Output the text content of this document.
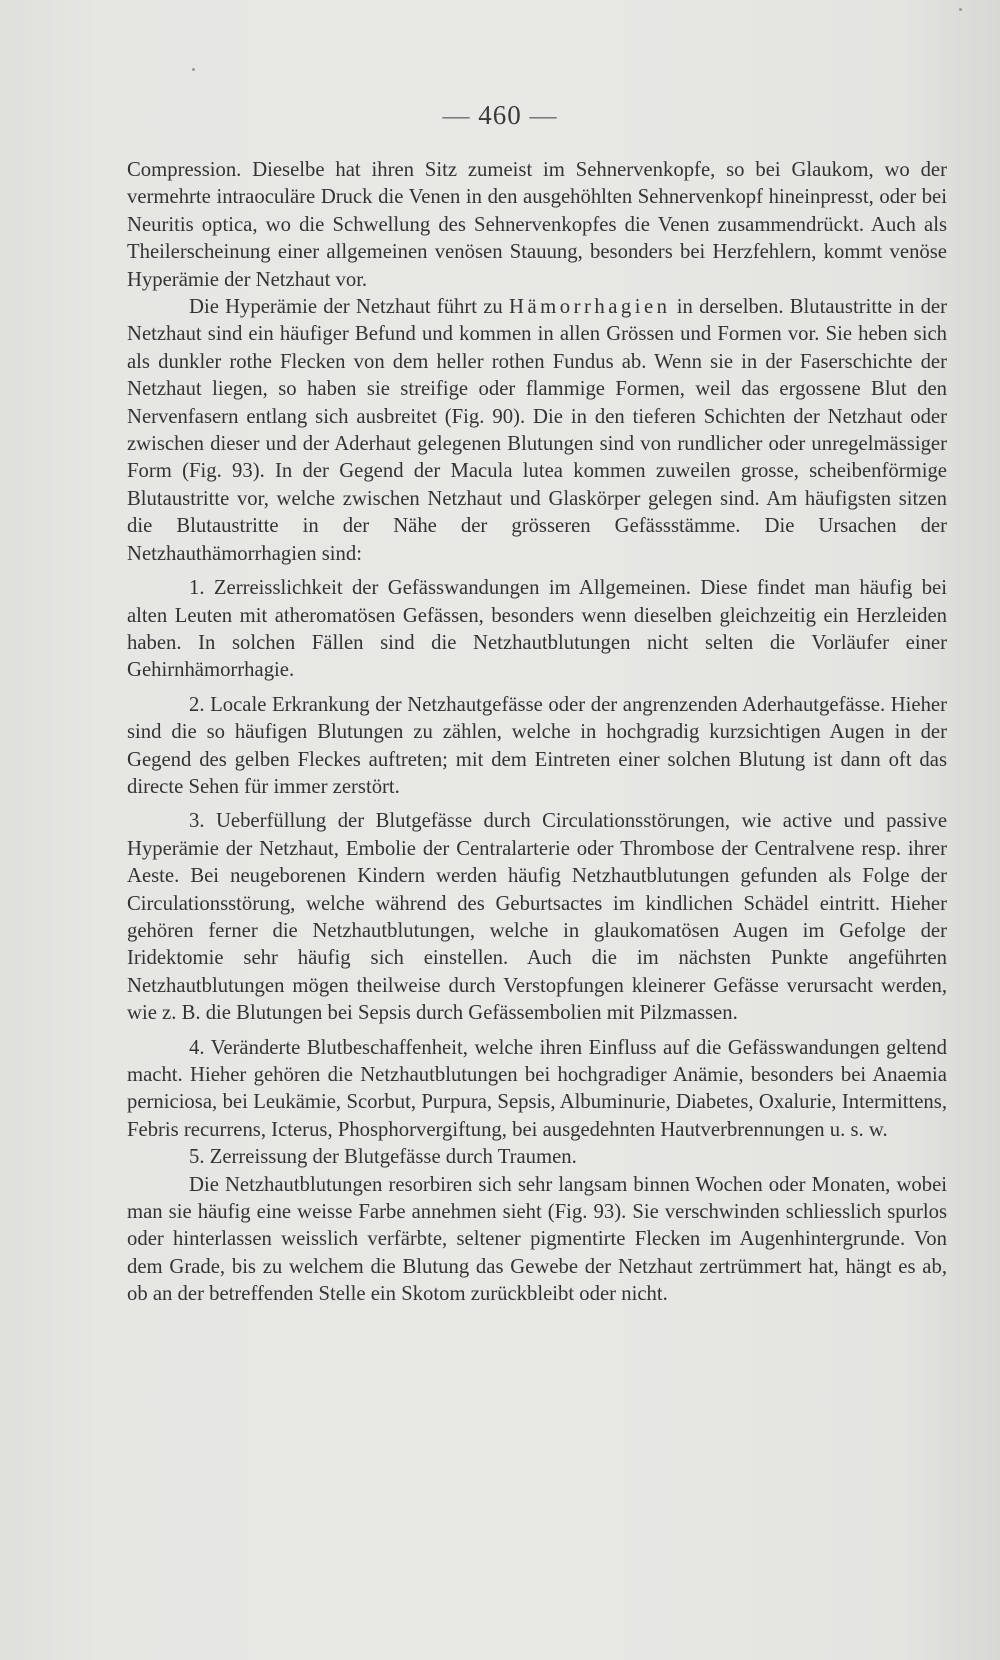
— 460 —

Compression. Dieselbe hat ihren Sitz zumeist im Sehnervenkopfe, so bei Glaukom, wo der vermehrte intraoculäre Druck die Venen in den ausgehöhlten Sehnervenkopf hineinpresst, oder bei Neuritis optica, wo die Schwellung des Sehnervenkopfes die Venen zusammendrückt. Auch als Theilerscheinung einer allgemeinen venösen Stauung, besonders bei Herzfehlern, kommt venöse Hyperämie der Netzhaut vor.

Die Hyperämie der Netzhaut führt zu Hämorrhagien in derselben. Blutaustritte in der Netzhaut sind ein häufiger Befund und kommen in allen Grössen und Formen vor. Sie heben sich als dunkler rothe Flecken von dem heller rothen Fundus ab. Wenn sie in der Faserschichte der Netzhaut liegen, so haben sie streifige oder flammige Formen, weil das ergossene Blut den Nervenfasern entlang sich ausbreitet (Fig. 90). Die in den tieferen Schichten der Netzhaut oder zwischen dieser und der Aderhaut gelegenen Blutungen sind von rundlicher oder unregelmässiger Form (Fig. 93). In der Gegend der Macula lutea kommen zuweilen grosse, scheibenförmige Blutaustritte vor, welche zwischen Netzhaut und Glaskörper gelegen sind. Am häufigsten sitzen die Blutaustritte in der Nähe der grösseren Gefässstämme. Die Ursachen der Netzhauthämorrhagien sind:

1. Zerreisslichkeit der Gefässwandungen im Allgemeinen. Diese findet man häufig bei alten Leuten mit atheromatösen Gefässen, besonders wenn dieselben gleichzeitig ein Herzleiden haben. In solchen Fällen sind die Netzhautblutungen nicht selten die Vorläufer einer Gehirnhämorrhagie.

2. Locale Erkrankung der Netzhautgefässe oder der angrenzenden Aderhautgefässe. Hieher sind die so häufigen Blutungen zu zählen, welche in hochgradig kurzsichtigen Augen in der Gegend des gelben Fleckes auftreten; mit dem Eintreten einer solchen Blutung ist dann oft das directe Sehen für immer zerstört.

3. Ueberfüllung der Blutgefässe durch Circulationsstörungen, wie active und passive Hyperämie der Netzhaut, Embolie der Centralarterie oder Thrombose der Centralvene resp. ihrer Aeste. Bei neugeborenen Kindern werden häufig Netzhautblutungen gefunden als Folge der Circulationsstörung, welche während des Geburtsactes im kindlichen Schädel eintritt. Hieher gehören ferner die Netzhautblutungen, welche in glaukomatösen Augen im Gefolge der Iridektomie sehr häufig sich einstellen. Auch die im nächsten Punkte angeführten Netzhautblutungen mögen theilweise durch Verstopfungen kleinerer Gefässe verursacht werden, wie z. B. die Blutungen bei Sepsis durch Gefässembolien mit Pilzmassen.

4. Veränderte Blutbeschaffenheit, welche ihren Einfluss auf die Gefässwandungen geltend macht. Hieher gehören die Netzhautblutungen bei hochgradiger Anämie, besonders bei Anaemia perniciosa, bei Leukämie, Scorbut, Purpura, Sepsis, Albuminurie, Diabetes, Oxalurie, Intermittens, Febris recurrens, Icterus, Phosphorvergiftung, bei ausgedehnten Hautverbrennungen u. s. w.

5. Zerreissung der Blutgefässe durch Traumen.

Die Netzhautblutungen resorbiren sich sehr langsam binnen Wochen oder Monaten, wobei man sie häufig eine weisse Farbe annehmen sieht (Fig. 93). Sie verschwinden schliesslich spurlos oder hinterlassen weisslich verfärbte, seltener pigmentirte Flecken im Augenhintergrunde. Von dem Grade, bis zu welchem die Blutung das Gewebe der Netzhaut zertrümmert hat, hängt es ab, ob an der betreffenden Stelle ein Skotom zurückbleibt oder nicht.
